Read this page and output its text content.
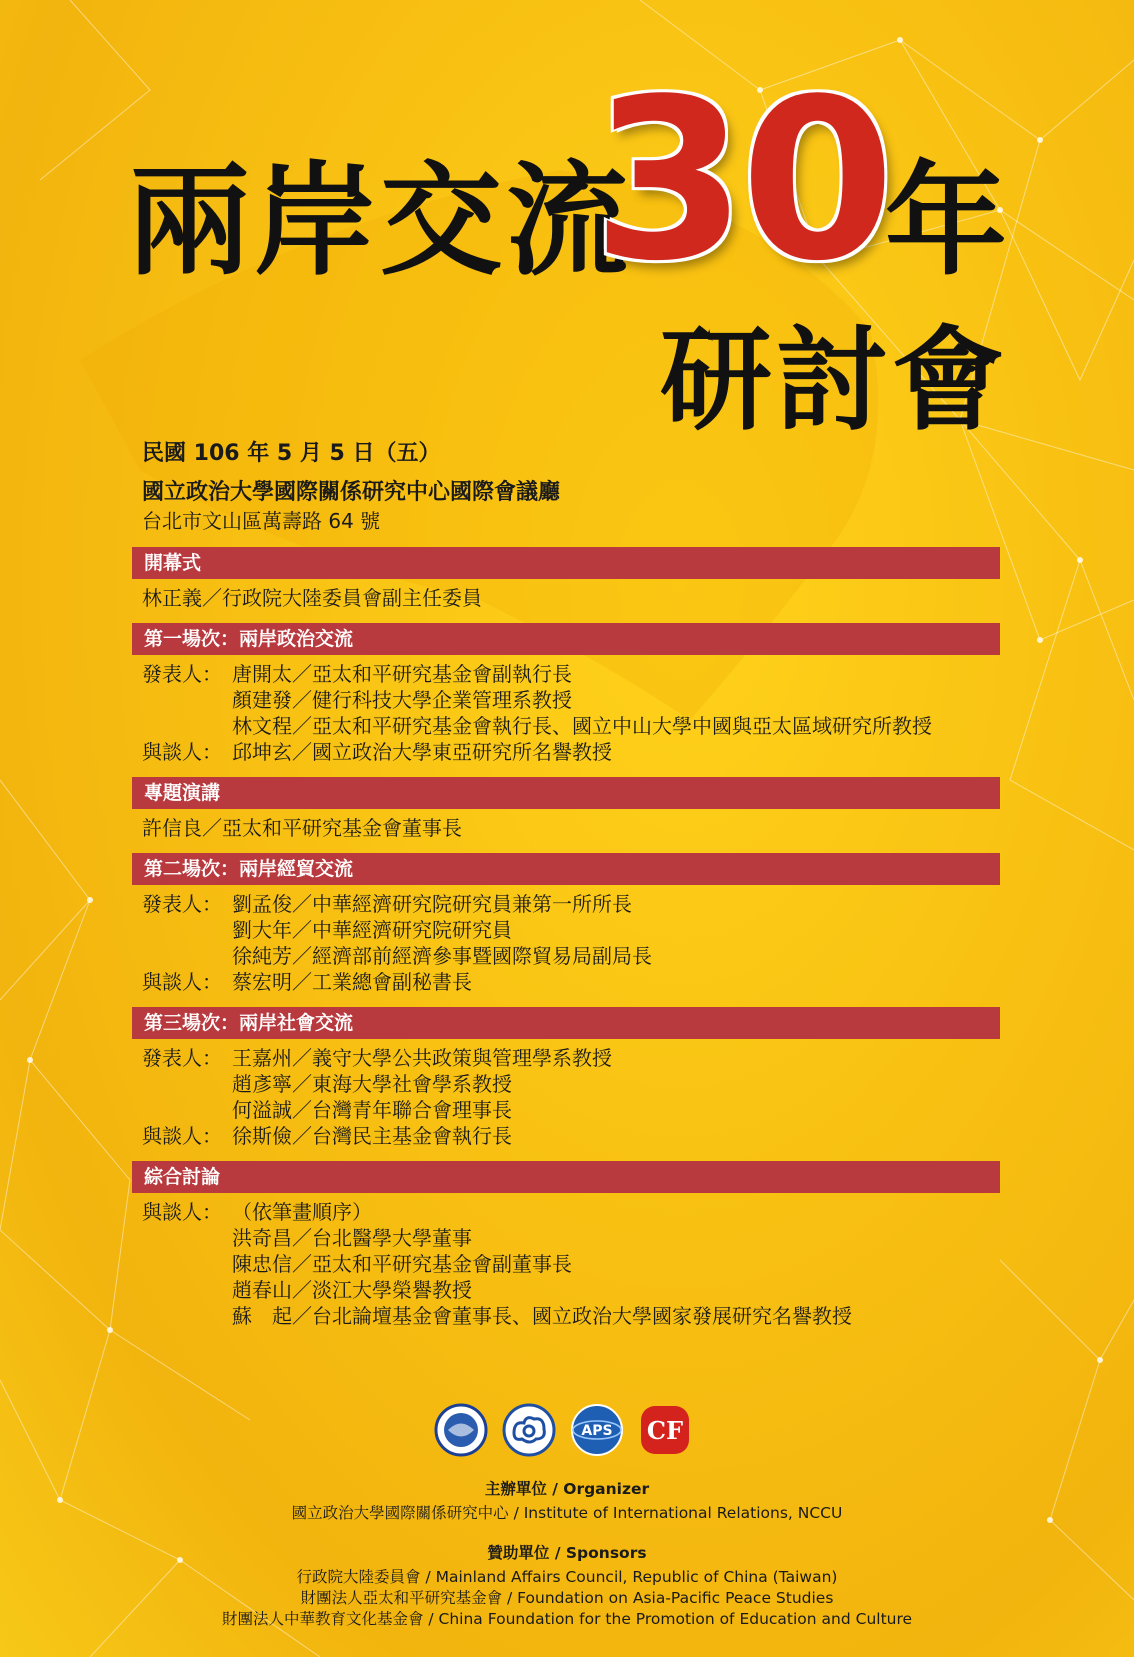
兩岸交流
30
年
研討會
民國 106 年 5 月 5 日（五）
國立政治大學國際關係研究中心國際會議廳
台北市文山區萬壽路 64 號
開幕式
林正義／行政院大陸委員會副主任委員
第一場次：兩岸政治交流
發表人： 唐開太／亞太和平研究基金會副執行長
顏建發／健行科技大學企業管理系教授
林文程／亞太和平研究基金會執行長、國立中山大學中國與亞太區域研究所教授
與談人： 邱坤玄／國立政治大學東亞研究所名譽教授
專題演講
許信良／亞太和平研究基金會董事長
第二場次：兩岸經貿交流
發表人： 劉孟俊／中華經濟研究院研究員兼第一所所長
劉大年／中華經濟研究院研究員
徐純芳／經濟部前經濟參事暨國際貿易局副局長
與談人： 蔡宏明／工業總會副秘書長
第三場次：兩岸社會交流
發表人： 王嘉州／義守大學公共政策與管理學系教授
趙彥寧／東海大學社會學系教授
何溢誠／台灣青年聯合會理事長
與談人： 徐斯儉／台灣民主基金會執行長
綜合討論
與談人： （依筆畫順序）
洪奇昌／台北醫學大學董事
陳忠信／亞太和平研究基金會副董事長
趙春山／淡江大學榮譽教授
蘇　起／台北論壇基金會董事長、國立政治大學國家發展研究名譽教授
APS CF
主辦單位 / Organizer
國立政治大學國際關係研究中心 / Institute of International Relations, NCCU
贊助單位 / Sponsors
行政院大陸委員會 / Mainland Affairs Council, Republic of China (Taiwan)
財團法人亞太和平研究基金會 / Foundation on Asia-Pacific Peace Studies
財團法人中華教育文化基金會 / China Foundation for the Promotion of Education and Culture
